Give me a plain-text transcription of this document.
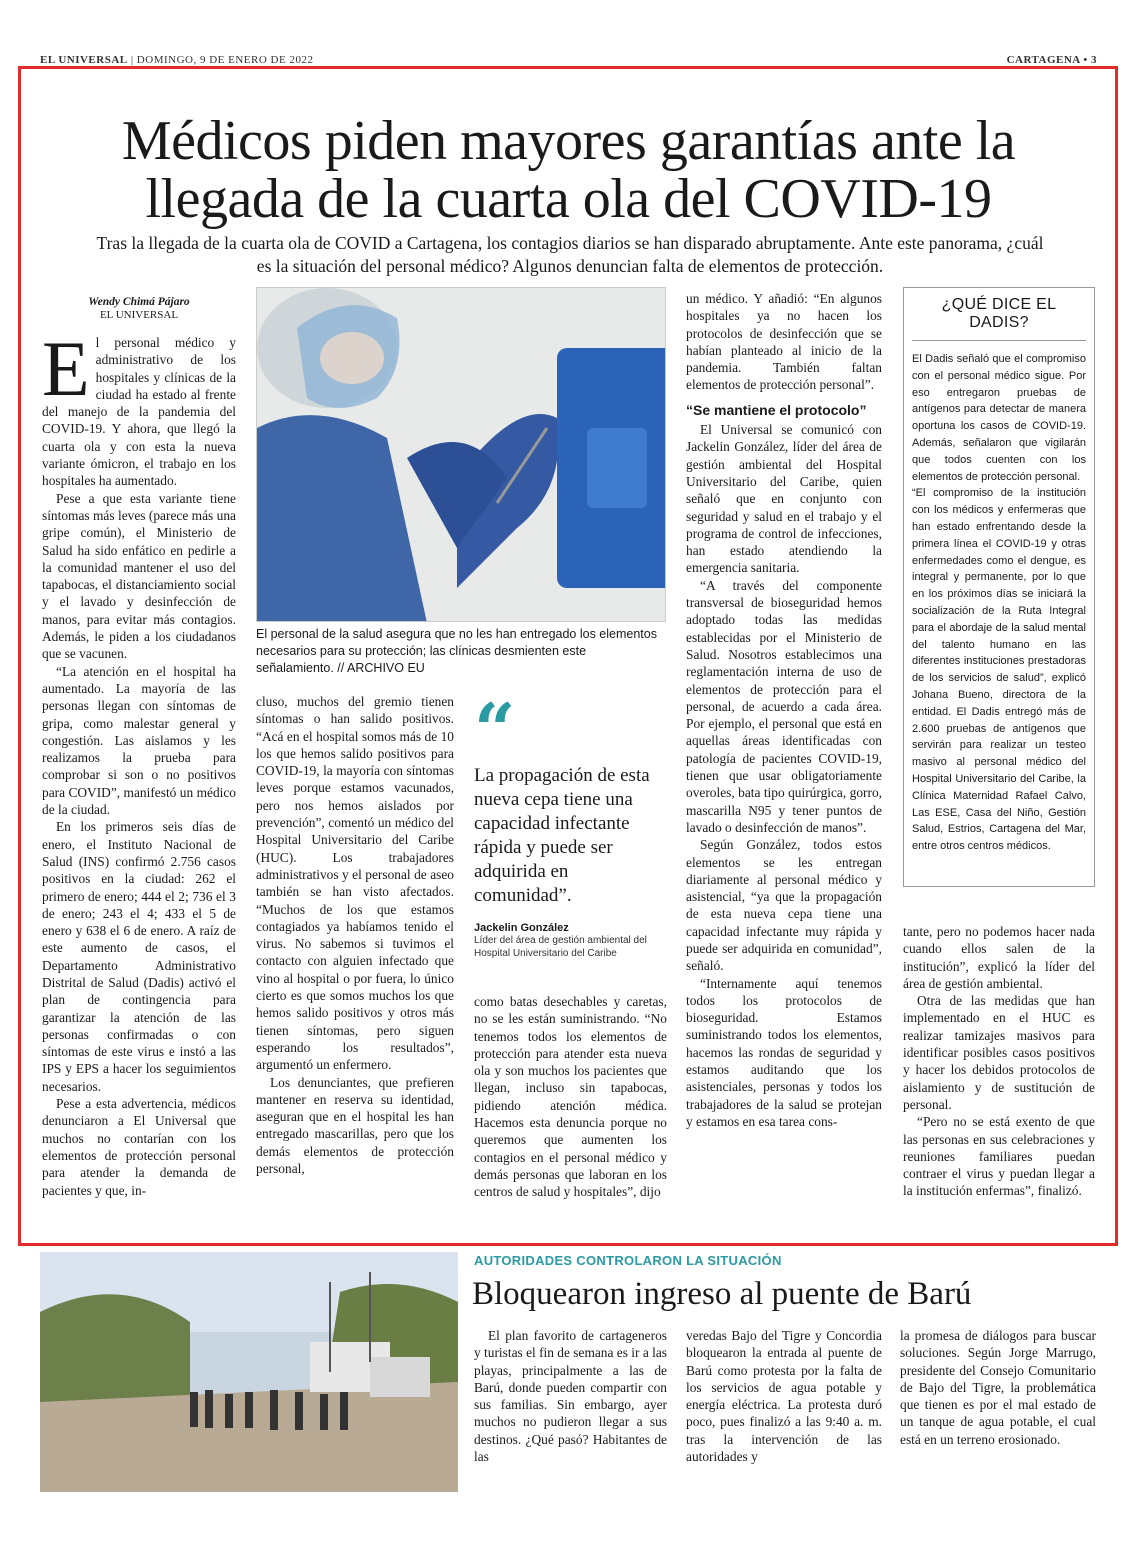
EL UNIVERSAL | DOMINGO, 9 DE ENERO DE 2022	CARTAGENA • 3
Médicos piden mayores garantías ante la llegada de la cuarta ola del COVID-19
Tras la llegada de la cuarta ola de COVID a Cartagena, los contagios diarios se han disparado abruptamente. Ante este panorama, ¿cuál es la situación del personal médico? Algunos denuncian falta de elementos de protección.
Wendy Chimá Pájaro
EL UNIVERSAL

El personal médico y administrativo de los hospitales y clínicas de la ciudad ha estado al frente del manejo de la pandemia del COVID-19. Y ahora, que llegó la cuarta ola y con esta la nueva variante ómicron, el trabajo en los hospitales ha aumentado.

Pese a que esta variante tiene síntomas más leves (parece más una gripe común), el Ministerio de Salud ha sido enfático en pedirle a la comunidad mantener el uso del tapabocas, el distanciamiento social y el lavado y desinfección de manos, para evitar más contagios. Además, le piden a los ciudadanos que se vacunen.

“La atención en el hospital ha aumentado. La mayoría de las personas llegan con síntomas de gripa, como malestar general y congestión. Las aislamos y les realizamos la prueba para comprobar si son o no positivos para COVID”, manifestó un médico de la ciudad.

En los primeros seis días de enero, el Instituto Nacional de Salud (INS) confirmó 2.756 casos positivos en la ciudad: 262 el primero de enero; 444 el 2; 736 el 3 de enero; 243 el 4; 433 el 5 de enero y 638 el 6 de enero. A raíz de este aumento de casos, el Departamento Administrativo Distrital de Salud (Dadis) activó el plan de contingencia para garantizar la atención de las personas confirmadas o con síntomas de este virus e instó a las IPS y EPS a hacer los seguimientos necesarios.

Pese a esta advertencia, médicos denunciaron a El Universal que muchos no contarían con los elementos de protección personal para atender la demanda de pacientes y que, in-

El personal de la salud asegura que no les han entregado los elementos necesarios para su protección; las clínicas desmienten este señalamiento. // ARCHIVO EU

cluso, muchos del gremio tienen síntomas o han salido positivos. “Acá en el hospital somos más de 10 los que hemos salido positivos para COVID-19, la mayoría con síntomas leves porque estamos vacunados, pero nos hemos aislados por prevención”, comentó un médico del Hospital Universitario del Caribe (HUC). Los trabajadores administrativos y el personal de aseo también se han visto afectados. “Muchos de los que estamos contagiados ya habíamos tenido el virus. No sabemos si tuvimos el contacto con alguien infectado que vino al hospital o por fuera, lo único cierto es que somos muchos los que hemos salido positivos y otros más tienen síntomas, pero siguen esperando los resultados”, argumentó un enfermero.

Los denunciantes, que prefieren mantener en reserva su identidad, aseguran que en el hospital les han entregado mascarillas, pero que los demás elementos de protección personal,

“
La propagación de esta nueva cepa tiene una capacidad infectante rápida y puede ser adquirida en comunidad”.
Jackelin González
Líder del área de gestión ambiental del Hospital Universitario del Caribe

como batas desechables y caretas, no se les están suministrando. “No tenemos todos los elementos de protección para atender esta nueva ola y son muchos los pacientes que llegan, incluso sin tapabocas, pidiendo atención médica. Hacemos esta denuncia porque no queremos que aumenten los contagios en el personal médico y demás personas que laboran en los centros de salud y hospitales”, dijo

un médico. Y añadió: “En algunos hospitales ya no hacen los protocolos de desinfección que se habían planteado al inicio de la pandemia. También faltan elementos de protección personal”.

“Se mantiene el protocolo”

El Universal se comunicó con Jackelin González, líder del área de gestión ambiental del Hospital Universitario del Caribe, quien señaló que en conjunto con seguridad y salud en el trabajo y el programa de control de infecciones, han estado atendiendo la emergencia sanitaria.

“A través del componente transversal de bioseguridad hemos adoptado todas las medidas establecidas por el Ministerio de Salud. Nosotros establecimos una reglamentación interna de uso de elementos de protección para el personal, de acuerdo a cada área. Por ejemplo, el personal que está en aquellas áreas identificadas con patología de pacientes COVID-19, tienen que usar obligatoriamente overoles, bata tipo quirúrgica, gorro, mascarilla N95 y tener puntos de lavado o desinfección de manos”.

Según González, todos estos elementos se les entregan diariamente al personal médico y asistencial, “ya que la propagación de esta nueva cepa tiene una capacidad infectante muy rápida y puede ser adquirida en comunidad”, señaló.

“Internamente aquí tenemos todos los protocolos de bioseguridad. Estamos suministrando todos los elementos, hacemos las rondas de seguridad y estamos auditando que los asistenciales, personas y todos los trabajadores de la salud se protejan y estamos en esa tarea cons-

¿QUÉ DICE EL DADIS?

El Dadis señaló que el compromiso con el personal médico sigue. Por eso entregaron pruebas de antígenos para detectar de manera oportuna los casos de COVID-19. Además, señalaron que vigilarán que todos cuenten con los elementos de protección personal.

“El compromiso de la institución con los médicos y enfermeras que han estado enfrentando desde la primera línea el COVID-19 y otras enfermedades como el dengue, es integral y permanente, por lo que en los próximos días se iniciará la socialización de la Ruta Integral para el abordaje de la salud mental del talento humano en las diferentes instituciones prestadoras de los servicios de salud”, explicó Johana Bueno, directora de la entidad. El Dadis entregó más de 2.600 pruebas de antígenos que servirán para realizar un testeo masivo al personal médico del Hospital Universitario del Caribe, la Clínica Maternidad Rafael Calvo, Las ESE, Casa del Niño, Gestión Salud, Estrios, Cartagena del Mar, entre otros centros médicos.

tante, pero no podemos hacer nada cuando ellos salen de la institución”, explicó la líder del área de gestión ambiental.

Otra de las medidas que han implementado en el HUC es realizar tamizajes masivos para identificar posibles casos positivos y hacer los debidos protocolos de aislamiento y de sustitución de personal.

“Pero no se está exento de que las personas en sus celebraciones y reuniones familiares puedan contraer el virus y puedan llegar a la institución enfermas”, finalizó.

AUTORIDADES CONTROLARON LA SITUACIÓN
Bloquearon ingreso al puente de Barú

El plan favorito de cartageneros y turistas el fin de semana es ir a las playas, principalmente a las de Barú, donde pueden compartir con sus familias. Sin embargo, ayer muchos no pudieron llegar a sus destinos. ¿Qué pasó? Habitantes de las

veredas Bajo del Tigre y Concordia bloquearon la entrada al puente de Barú como protesta por la falta de los servicios de agua potable y energía eléctrica. La protesta duró poco, pues finalizó a las 9:40 a. m. tras la intervención de las autoridades y

la promesa de diálogos para buscar soluciones. Según Jorge Marrugo, presidente del Consejo Comunitario de Bajo del Tigre, la problemática que tienen es por el mal estado de un tanque de agua potable, el cual está en un terreno erosionado.
